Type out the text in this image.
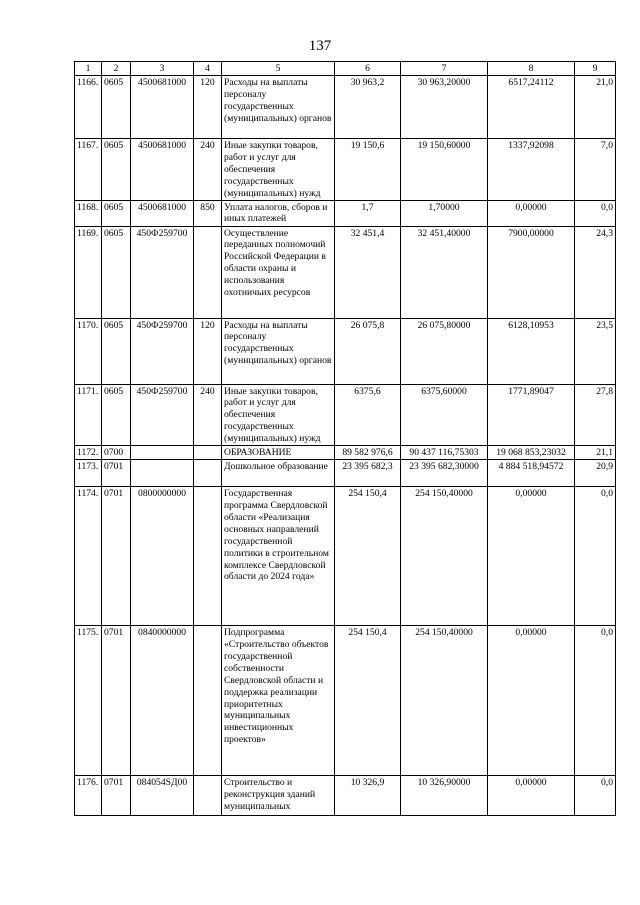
137
1	2	3	4	5	6	7	8	9
1166.	0605	4500681000	120	Расходы на выплаты персоналу государственных (муниципальных) органов	30 963,2	30 963,20000	6517,24112	21,0
1167.	0605	4500681000	240	Иные закупки товаров, работ и услуг для обеспечения государственных (муниципальных) нужд	19 150,6	19 150,60000	1337,92098	7,0
1168.	0605	4500681000	850	Уплата налогов, сборов и иных платежей	1,7	1,70000	0,00000	0,0
1169.	0605	450Ф259700		Осуществление переданных полномочий Российской Федерации в области охраны и использования охотничьих ресурсов	32 451,4	32 451,40000	7900,00000	24,3
1170.	0605	450Ф259700	120	Расходы на выплаты персоналу государственных (муниципальных) органов	26 075,8	26 075,80000	6128,10953	23,5
1171.	0605	450Ф259700	240	Иные закупки товаров, работ и услуг для обеспечения государственных (муниципальных) нужд	6375,6	6375,60000	1771,89047	27,8
1172.	0700			ОБРАЗОВАНИЕ	89 582 976,6	90 437 116,75303	19 068 853,23032	21,1
1173.	0701			Дошкольное образование	23 395 682,3	23 395 682,30000	4 884 518,94572	20,9
1174.	0701	0800000000		Государственная программа Свердловской области «Реализация основных направлений государственной политики в строительном комплексе Свердловской области до 2024 года»	254 150,4	254 150,40000	0,00000	0,0
1175.	0701	0840000000		Подпрограмма «Строительство объектов государственной собственности Свердловской области и поддержка реализации приоритетных муниципальных инвестиционных проектов»	254 150,4	254 150,40000	0,00000	0,0
1176.	0701	084054ЅД00		Строительство и реконструкция зданий муниципальных	10 326,9	10 326,90000	0,00000	0,0
